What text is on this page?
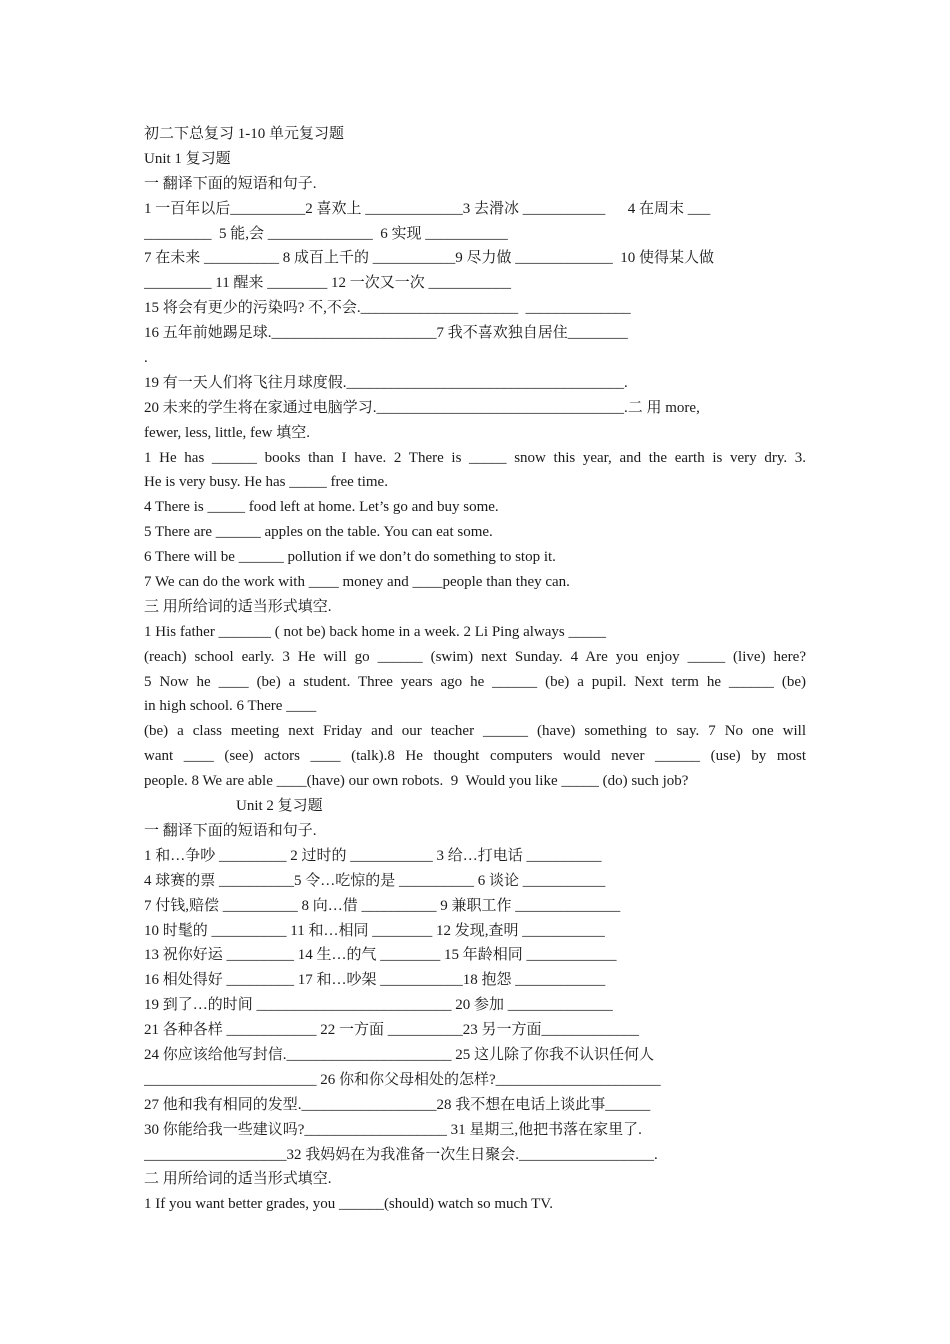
初二下总复习 1-10 单元复习题
Unit 1 复习题
一 翻译下面的短语和句子.
1 一百年以后__________2 喜欢上 _____________3 去滑冰 ___________      4 在周末 ___
_________  5 能,会 ______________  6 实现 ___________
7 在未来 __________ 8 成百上千的 ___________9 尽力做 _____________  10 使得某人做
_________ 11 醒来 ________ 12 一次又一次 ___________
15 将会有更少的污染吗? 不,不会._____________________  ______________
16 五年前她踢足球.______________________7 我不喜欢独自居住________
.
19 有一天人们将飞往月球度假._____________________________________.
20 未来的学生将在家通过电脑学习._________________________________.二 用 more,
fewer, less, little, few 填空.
1 He has ______ books than I have. 2 There is _____ snow this year, and the earth is very dry. 3.
He is very busy. He has _____ free time.
4 There is _____ food left at home. Let’s go and buy some.
5 There are ______ apples on the table. You can eat some.
6 There will be ______ pollution if we don’t do something to stop it.
7 We can do the work with ____ money and ____people than they can.
三 用所给词的适当形式填空.
1 His father _______ ( not be) back home in a week. 2 Li Ping always _____
(reach) school early. 3 He will go ______ (swim) next Sunday. 4 Are you enjoy _____ (live) here?
5 Now he ____ (be) a student. Three years ago he ______ (be) a pupil. Next term he ______ (be)
in high school. 6 There ____
(be) a class meeting next Friday and our teacher ______ (have) something to say. 7 No one will
want ____ (see) actors ____ (talk).8 He thought computers would never ______ (use) by most
people. 8 We are able ____(have) our own robots.  9  Would you like _____ (do) such job?
Unit 2 复习题
一 翻译下面的短语和句子.
1 和…争吵 _________ 2 过时的 ___________ 3 给…打电话 __________
4 球赛的票 __________5 令…吃惊的是 __________ 6 谈论 ___________
7 付钱,赔偿 __________ 8 向…借 __________ 9 兼职工作 ______________
10 时髦的 __________ 11 和…相同 ________ 12 发现,查明 ___________
13 祝你好运 _________ 14 生…的气 ________ 15 年龄相同 ____________
16 相处得好 _________ 17 和…吵架 ___________18 抱怨 ____________
19 到了…的时间 __________________________ 20 参加 ______________
21 各种各样 ____________ 22 一方面 __________23 另一方面_____________
24 你应该给他写封信.______________________ 25 这儿除了你我不认识任何人
_______________________ 26 你和你父母相处的怎样?______________________
27 他和我有相同的发型.__________________28 我不想在电话上谈此事______
30 你能给我一些建议吗?___________________ 31 星期三,他把书落在家里了.
___________________32 我妈妈在为我准备一次生日聚会.__________________.
二 用所给词的适当形式填空.
1 If you want better grades, you ______(should) watch so much TV.
